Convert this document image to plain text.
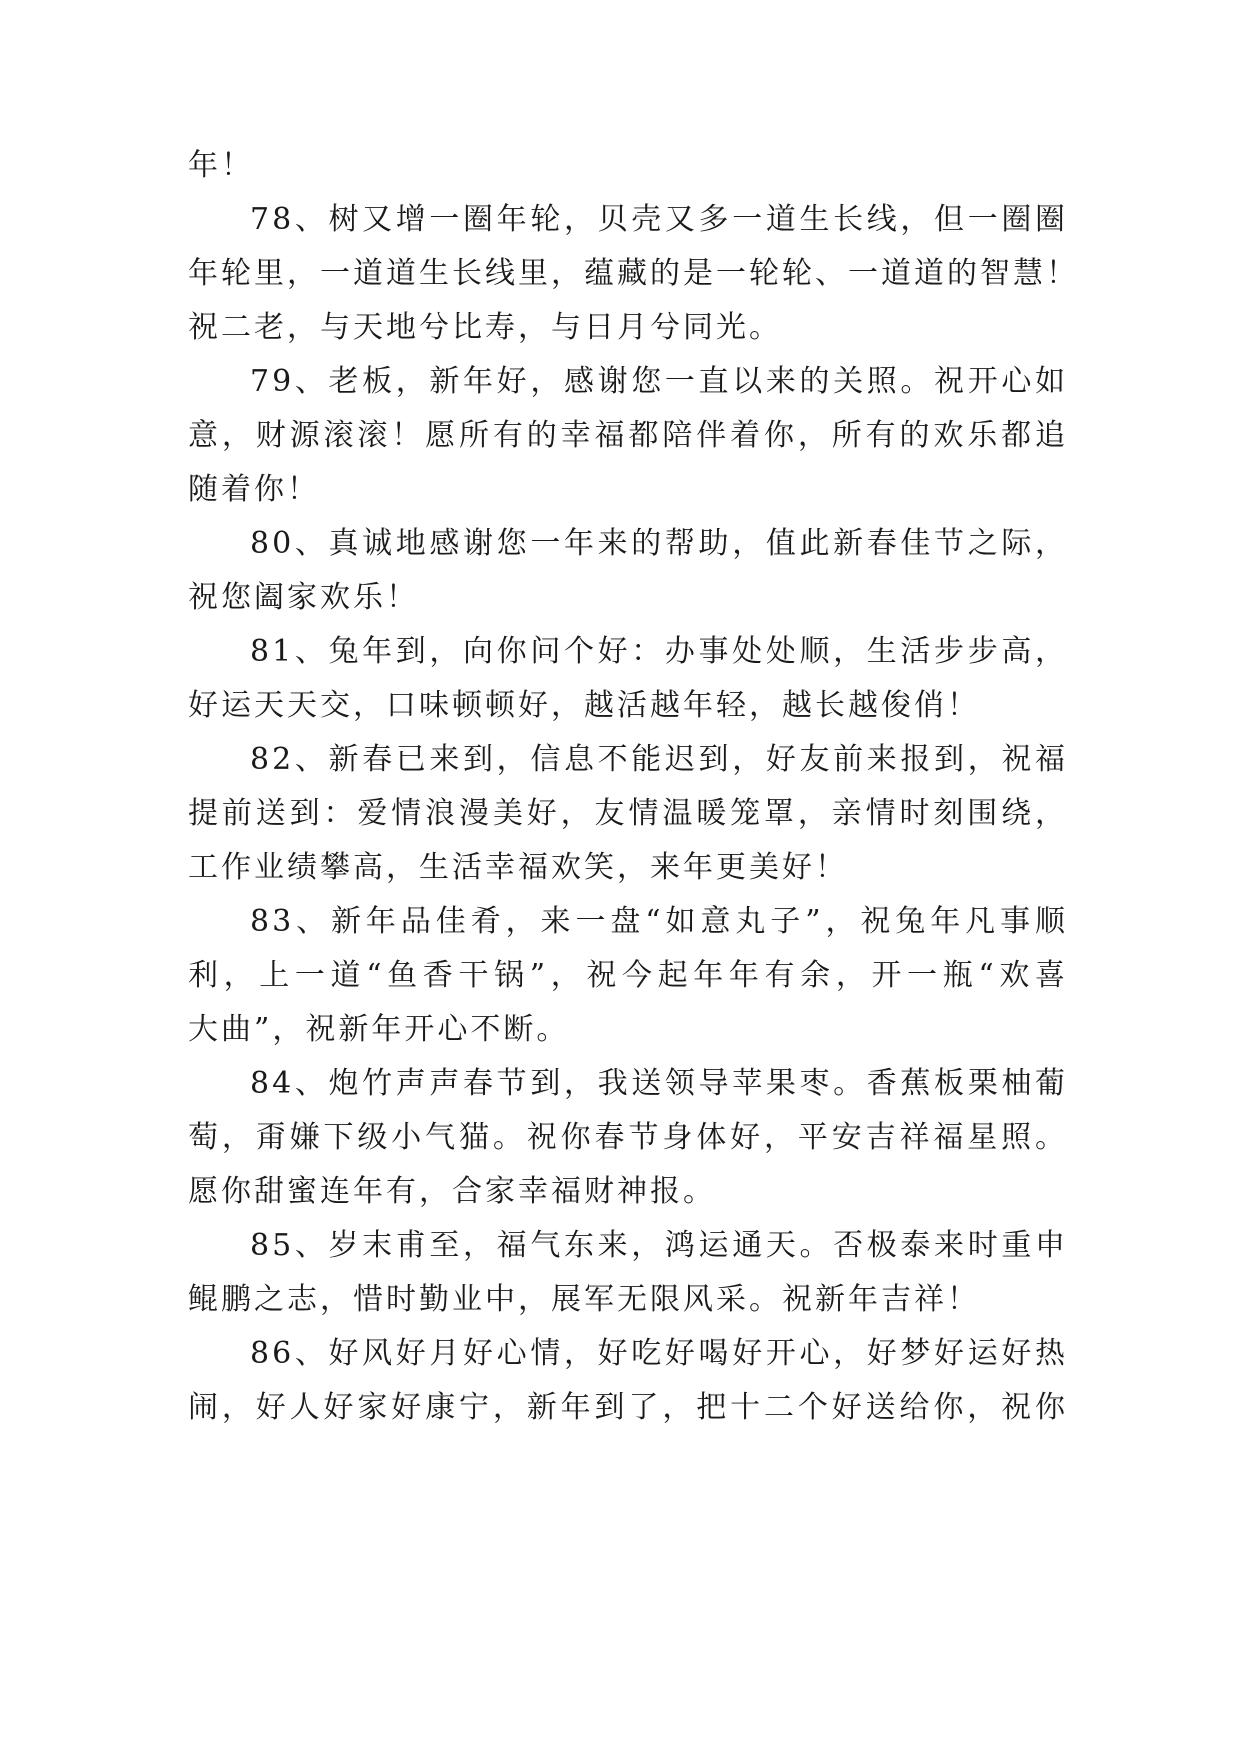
年！
78、树又增一圈年轮，贝壳又多一道生长线，但一圈圈
年轮里，一道道生长线里，蕴藏的是一轮轮、一道道的智慧！
祝二老，与天地兮比寿，与日月兮同光。
79、老板，新年好，感谢您一直以来的关照。祝开心如
意，财源滚滚！愿所有的幸福都陪伴着你，所有的欢乐都追
随着你！
80、真诚地感谢您一年来的帮助，值此新春佳节之际，
祝您阖家欢乐！
81、兔年到，向你问个好：办事处处顺，生活步步高，
好运天天交，口味顿顿好，越活越年轻，越长越俊俏！
82、新春已来到，信息不能迟到，好友前来报到，祝福
提前送到：爱情浪漫美好，友情温暖笼罩，亲情时刻围绕，
工作业绩攀高，生活幸福欢笑，来年更美好！
83、新年品佳肴，来一盘“如意丸子”，祝兔年凡事顺
利，上一道“鱼香干锅”，祝今起年年有余，开一瓶“欢喜
大曲”，祝新年开心不断。
84、炮竹声声春节到，我送领导苹果枣。香蕉板栗柚葡
萄，甭嫌下级小气猫。祝你春节身体好，平安吉祥福星照。
愿你甜蜜连年有，合家幸福财神报。
85、岁末甫至，福气东来，鸿运通天。否极泰来时重申
鲲鹏之志，惜时勤业中，展军无限风采。祝新年吉祥！
86、好风好月好心情，好吃好喝好开心，好梦好运好热
闹，好人好家好康宁，新年到了，把十二个好送给你，祝你
